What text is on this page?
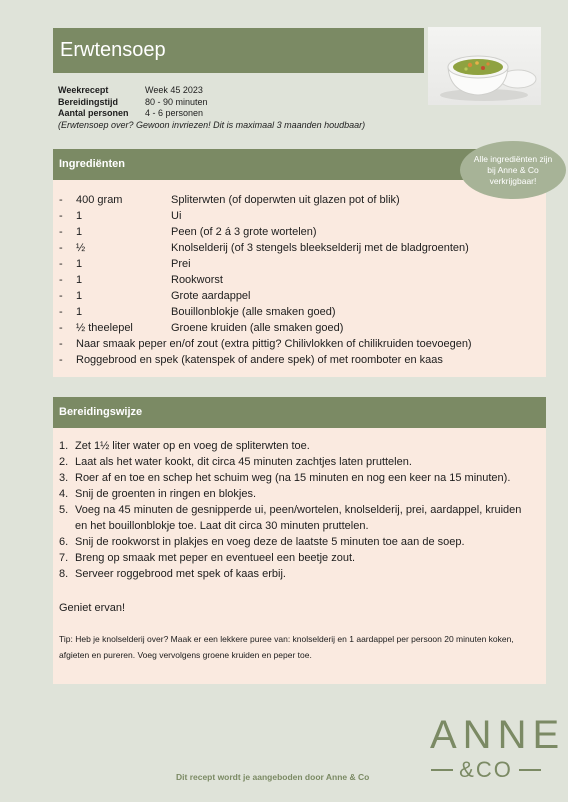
Erwtensoep
Weekrecept	Week 45 2023
Bereidingstijd	80 - 90 minuten
Aantal personen	4 - 6 personen
(Erwtensoep over? Gewoon invriezen! Dit is maximaal 3 maanden houdbaar)
Ingrediënten
-	400 gram	Spliterwten (of doperwten uit glazen pot of blik)
-	1	Ui
-	1	Peen (of 2 á 3 grote wortelen)
-	½	Knolselderij (of 3 stengels bleekselderij met de bladgroenten)
-	1	Prei
-	1	Rookworst
-	1	Grote aardappel
-	1	Bouillonblokje (alle smaken goed)
-	½ theelepel	Groene kruiden (alle smaken goed)
-	Naar smaak peper en/of zout (extra pittig? Chilivlokken of chilikruiden toevoegen)
-	Roggebrood en spek (katenspek of andere spek) of met roomboter en kaas
Alle ingrediënten zijn bij Anne & Co verkrijgbaar!
Bereidingswijze
1. Zet 1½ liter water op en voeg de spliterwten toe.
2. Laat als het water kookt, dit circa 45 minuten zachtjes laten pruttelen.
3. Roer af en toe en schep het schuim weg (na 15 minuten en nog een keer na 15 minuten).
4. Snij de groenten in ringen en blokjes.
5. Voeg na 45 minuten de gesnipperde ui, peen/wortelen, knolselderij, prei, aardappel, kruiden en het bouillonblokje toe. Laat dit circa 30 minuten pruttelen.
6. Snij de rookworst in plakjes en voeg deze de laatste 5 minuten toe aan de soep.
7. Breng op smaak met peper en eventueel een beetje zout.
8. Serveer roggebrood met spek of kaas erbij.
Geniet ervan!
Tip: Heb je knolselderij over? Maak er een lekkere puree van: knolselderij en 1 aardappel per persoon 20 minuten koken, afgieten en pureren. Voeg vervolgens groene kruiden en peper toe.
Dit recept wordt je aangeboden door Anne & Co
ANNE
&CO
